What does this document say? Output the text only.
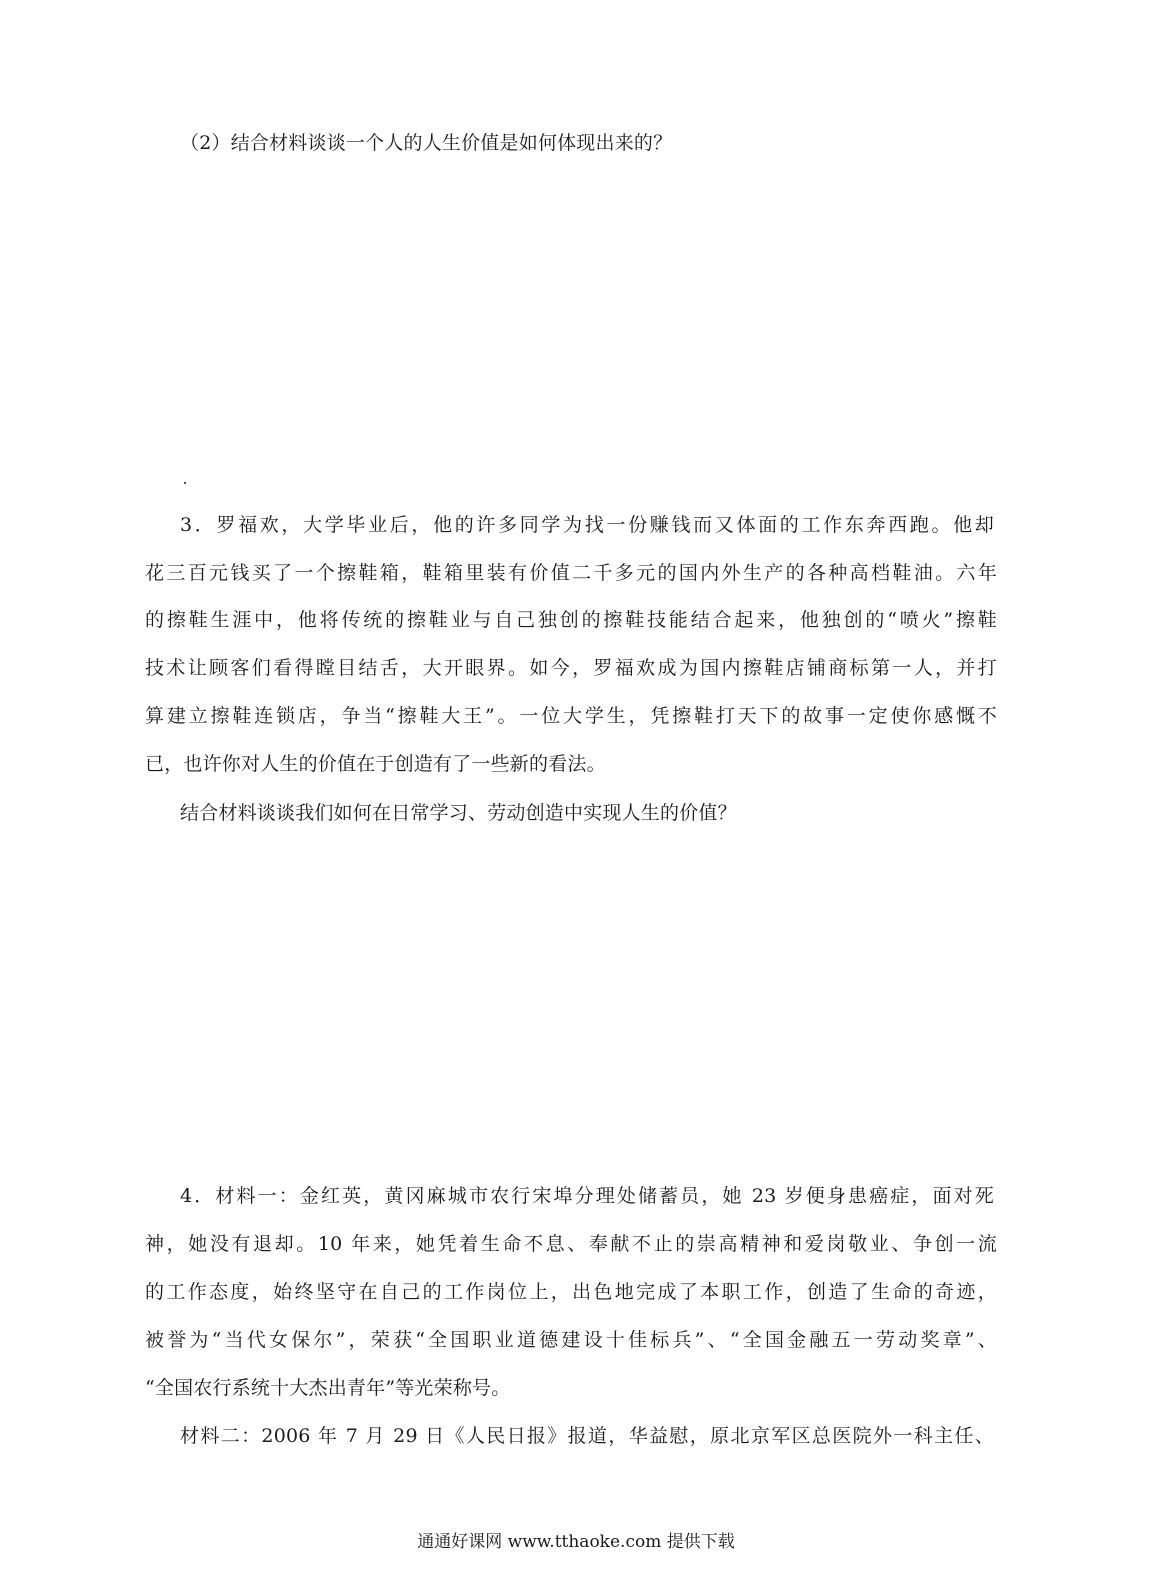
（2）结合材料谈谈一个人的人生价值是如何体现出来的？
3．罗福欢，大学毕业后，他的许多同学为找一份赚钱而又体面的工作东奔西跑。他却
花三百元钱买了一个擦鞋箱，鞋箱里装有价值二千多元的国内外生产的各种高档鞋油。六年
的擦鞋生涯中，他将传统的擦鞋业与自己独创的擦鞋技能结合起来，他独创的“喷火”擦鞋
技术让顾客们看得瞠目结舌，大开眼界。如今，罗福欢成为国内擦鞋店铺商标第一人，并打
算建立擦鞋连锁店，争当“擦鞋大王”。一位大学生，凭擦鞋打天下的故事一定使你感慨不
已，也许你对人生的价值在于创造有了一些新的看法。
结合材料谈谈我们如何在日常学习、劳动创造中实现人生的价值？
4．材料一：金红英，黄冈麻城市农行宋埠分理处储蓄员，她 23 岁便身患癌症，面对死
神，她没有退却。10 年来，她凭着生命不息、奉献不止的崇高精神和爱岗敬业、争创一流
的工作态度，始终坚守在自己的工作岗位上，出色地完成了本职工作，创造了生命的奇迹，
被誉为“当代女保尔”，荣获“全国职业道德建设十佳标兵”、“全国金融五一劳动奖章”、
“全国农行系统十大杰出青年”等光荣称号。
材料二：2006 年 7 月 29 日《人民日报》报道，华益慰，原北京军区总医院外一科主任、
通通好课网 www.tthaoke.com 提供下载
